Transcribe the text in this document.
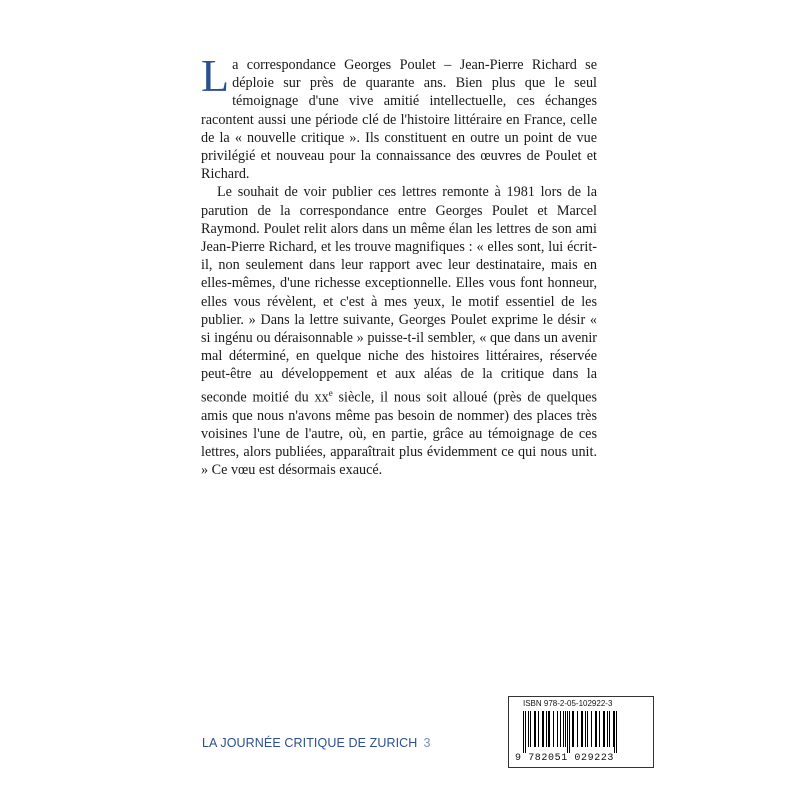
La correspondance Georges Poulet – Jean-Pierre Richard se déploie sur près de quarante ans. Bien plus que le seul témoignage d'une vive amitié intellectuelle, ces échanges racontent aussi une période clé de l'histoire littéraire en France, celle de la « nouvelle critique ». Ils constituent en outre un point de vue privilégié et nouveau pour la connaissance des œuvres de Poulet et Richard.

Le souhait de voir publier ces lettres remonte à 1981 lors de la parution de la correspondance entre Georges Poulet et Marcel Raymond. Poulet relit alors dans un même élan les lettres de son ami Jean-Pierre Richard, et les trouve magnifiques : « elles sont, lui écrit-il, non seulement dans leur rapport avec leur destinataire, mais en elles-mêmes, d'une richesse exceptionnelle. Elles vous font honneur, elles vous révèlent, et c'est à mes yeux, le motif essentiel de les publier. » Dans la lettre suivante, Georges Poulet exprime le désir « si ingénu ou déraisonnable » puisse-t-il sembler, « que dans un avenir mal déterminé, en quelque niche des histoires littéraires, réservée peut-être au développement et aux aléas de la critique dans la seconde moitié du $xx^e$ siècle, il nous soit alloué (près de quelques amis que nous n'avons même pas besoin de nommer) des places très voisines l'une de l'autre, où, en partie, grâce au témoignage de ces lettres, alors publiées, apparaîtrait plus évidemment ce qui nous unit. » Ce vœu est désormais exaucé.

LA JOURNÉE CRITIQUE DE ZURICH 3
ISBN 978-2-05-102922-3
9 782051 029223
